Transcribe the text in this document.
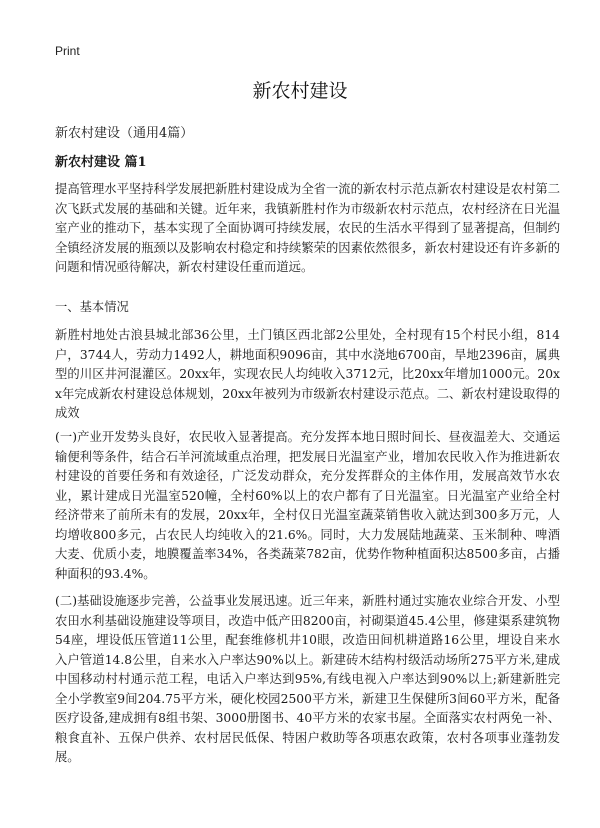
Print
新农村建设

新农村建设（通用4篇）

新农村建设 篇1

提高管理水平坚持科学发展把新胜村建设成为全省一流的新农村示范点新农村建设是农村第二次飞跃式发展的基础和关键。近年来，我镇新胜村作为市级新农村示范点，农村经济在日光温室产业的推动下，基本实现了全面协调可持续发展，农民的生活水平得到了显著提高，但制约全镇经济发展的瓶颈以及影响农村稳定和持续繁荣的因素依然很多，新农村建设还有许多新的问题和情况亟待解决，新农村建设任重而道远。

一、基本情况

新胜村地处古浪县城北部36公里，土门镇区西北部2公里处，全村现有15个村民小组，814户，3744人，劳动力1492人，耕地面积9096亩，其中水浇地6700亩，旱地2396亩，属典型的川区井河混灌区。20xx年，实现农民人均纯收入3712元，比20xx年增加1000元。20xx年完成新农村建设总体规划，20xx年被列为市级新农村建设示范点。二、新农村建设取得的成效

(一)产业开发势头良好，农民收入显著提高。充分发挥本地日照时间长、昼夜温差大、交通运输便利等条件，结合石羊河流域重点治理，把发展日光温室产业，增加农民收入作为推进新农村建设的首要任务和有效途径，广泛发动群众，充分发挥群众的主体作用，发展高效节水农业，累计建成日光温室520幢，全村60%以上的农户都有了日光温室。日光温室产业给全村经济带来了前所未有的发展，20xx年，全村仅日光温室蔬菜销售收入就达到300多万元，人均增收800多元，占农民人均纯收入的21.6%。同时，大力发展陆地蔬菜、玉米制种、啤酒大麦、优质小麦，地膜覆盖率34%，各类蔬菜782亩，优势作物种植面积达8500多亩，占播种面积的93.4%。

(二)基础设施逐步完善，公益事业发展迅速。近三年来，新胜村通过实施农业综合开发、小型农田水利基础设施建设等项目，改造中低产田8200亩，衬砌渠道45.4公里，修建渠系建筑物54座，埋设低压管道11公里，配套维修机井10眼，改造田间机耕道路16公里，埋设自来水入户管道14.8公里，自来水入户率达90%以上。新建砖木结构村级活动场所275平方米,建成中国移动村村通示范工程，电话入户率达到95%,有线电视入户率达到90%以上;新建新胜完全小学教室9间204.75平方米，硬化校园2500平方米，新建卫生保健所3间60平方米，配备医疗设备,建成拥有8组书架、3000册图书、40平方米的农家书屋。全面落实农村两免一补、粮食直补、五保户供养、农村居民低保、特困户救助等各项惠农政策，农村各项事业蓬勃发展。
